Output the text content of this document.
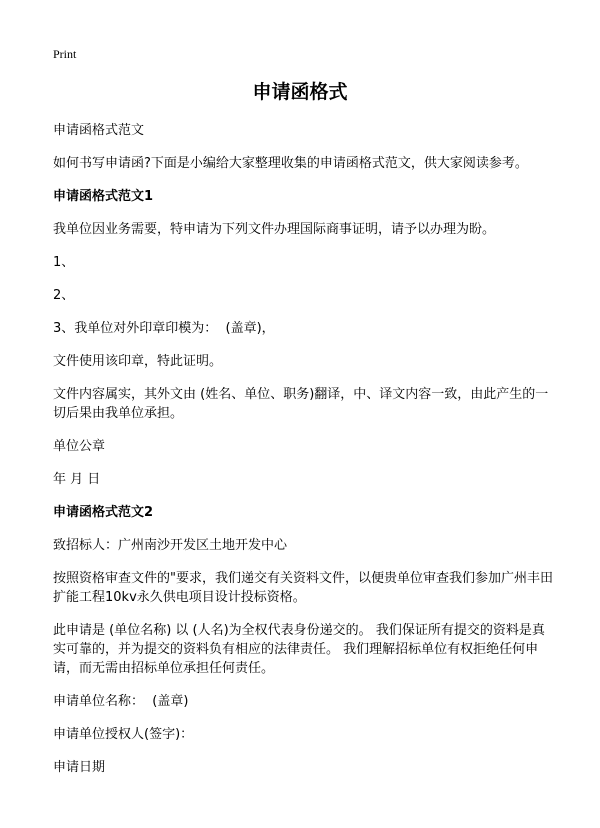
Print
申请函格式
申请函格式范文
如何书写申请函?下面是小编给大家整理收集的申请函格式范文，供大家阅读参考。
申请函格式范文1
我单位因业务需要，特申请为下列文件办理国际商事证明，请予以办理为盼。
1、
2、
3、我单位对外印章印模为：  (盖章)，
文件使用该印章，特此证明。
文件内容属实，其外文由 (姓名、单位、职务)翻译，中、译文内容一致，由此产生的一切后果由我单位承担。
单位公章
年 月 日
申请函格式范文2
致招标人：广州南沙开发区土地开发中心
按照资格审查文件的"要求，我们递交有关资料文件，以便贵单位审查我们参加广州丰田扩能工程10kv永久供电项目设计投标资格。
此申请是 (单位名称) 以 (人名)为全权代表身份递交的。 我们保证所有提交的资料是真实可靠的，并为提交的资料负有相应的法律责任。 我们理解招标单位有权拒绝任何申请，而无需由招标单位承担任何责任。
申请单位名称：  (盖章)
申请单位授权人(签字)：
申请日期
